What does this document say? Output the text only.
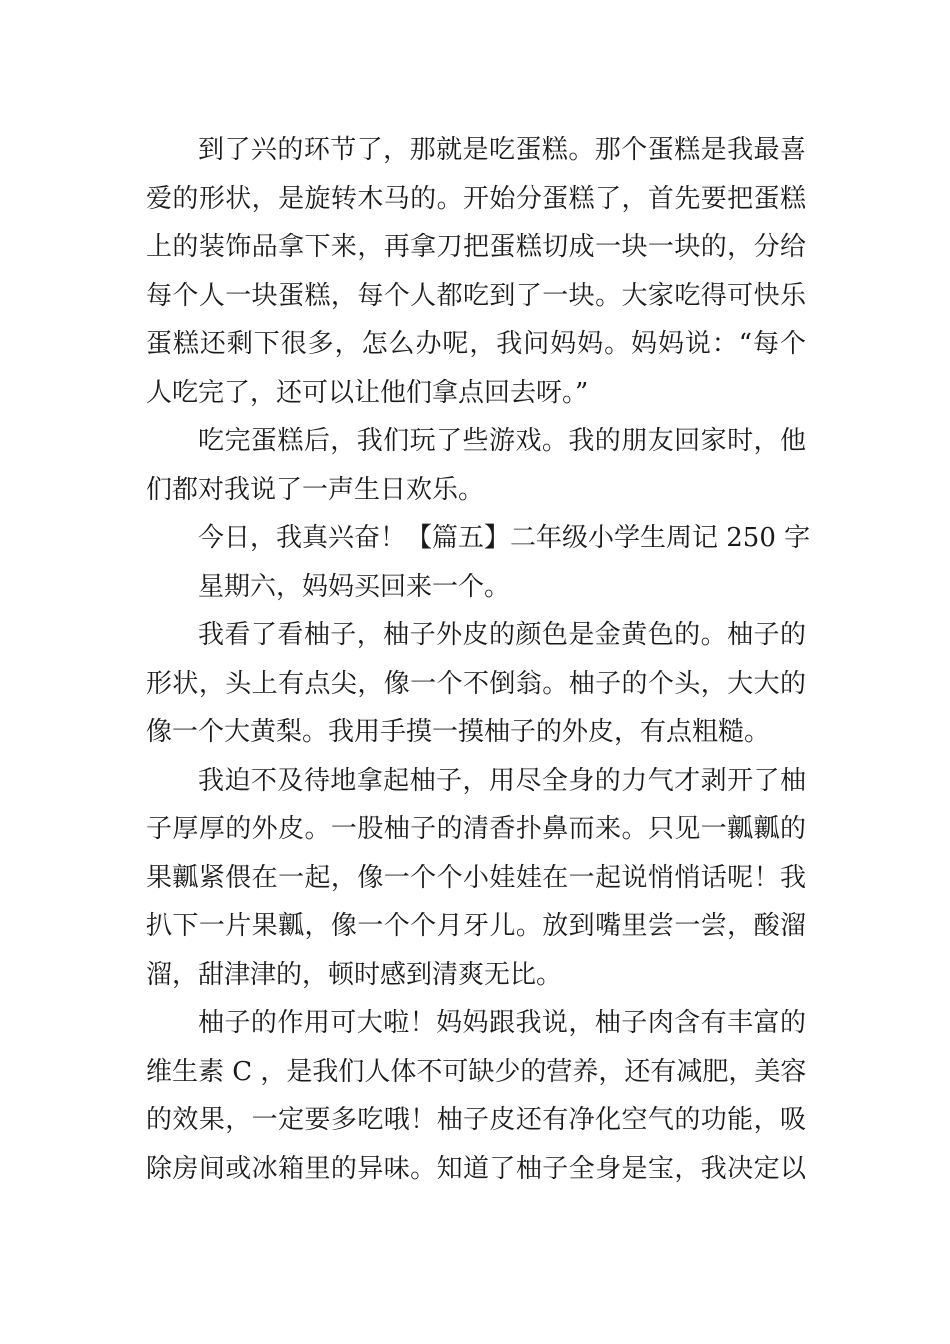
到了兴的环节了，那就是吃蛋糕。那个蛋糕是我最喜
爱的形状，是旋转木马的。开始分蛋糕了，首先要把蛋糕
上的装饰品拿下来，再拿刀把蛋糕切成一块一块的，分给
每个人一块蛋糕，每个人都吃到了一块。大家吃得可快乐
蛋糕还剩下很多，怎么办呢，我问妈妈。妈妈说：“每个
人吃完了，还可以让他们拿点回去呀。”
吃完蛋糕后，我们玩了些游戏。我的朋友回家时，他
们都对我说了一声生日欢乐。
今日，我真兴奋！【篇五】二年级小学生周记 250 字
星期六，妈妈买回来一个。
我看了看柚子，柚子外皮的颜色是金黄色的。柚子的
形状，头上有点尖，像一个不倒翁。柚子的个头，大大的
像一个大黄梨。我用手摸一摸柚子的外皮，有点粗糙。
我迫不及待地拿起柚子，用尽全身的力气才剥开了柚
子厚厚的外皮。一股柚子的清香扑鼻而来。只见一瓤瓤的
果瓤紧偎在一起，像一个个小娃娃在一起说悄悄话呢！我
扒下一片果瓤，像一个个月牙儿。放到嘴里尝一尝，酸溜
溜，甜津津的，顿时感到清爽无比。
柚子的作用可大啦！妈妈跟我说，柚子肉含有丰富的
维生素 C ，是我们人体不可缺少的营养，还有减肥，美容
的效果，一定要多吃哦！柚子皮还有净化空气的功能，吸
除房间或冰箱里的异味。知道了柚子全身是宝，我决定以
